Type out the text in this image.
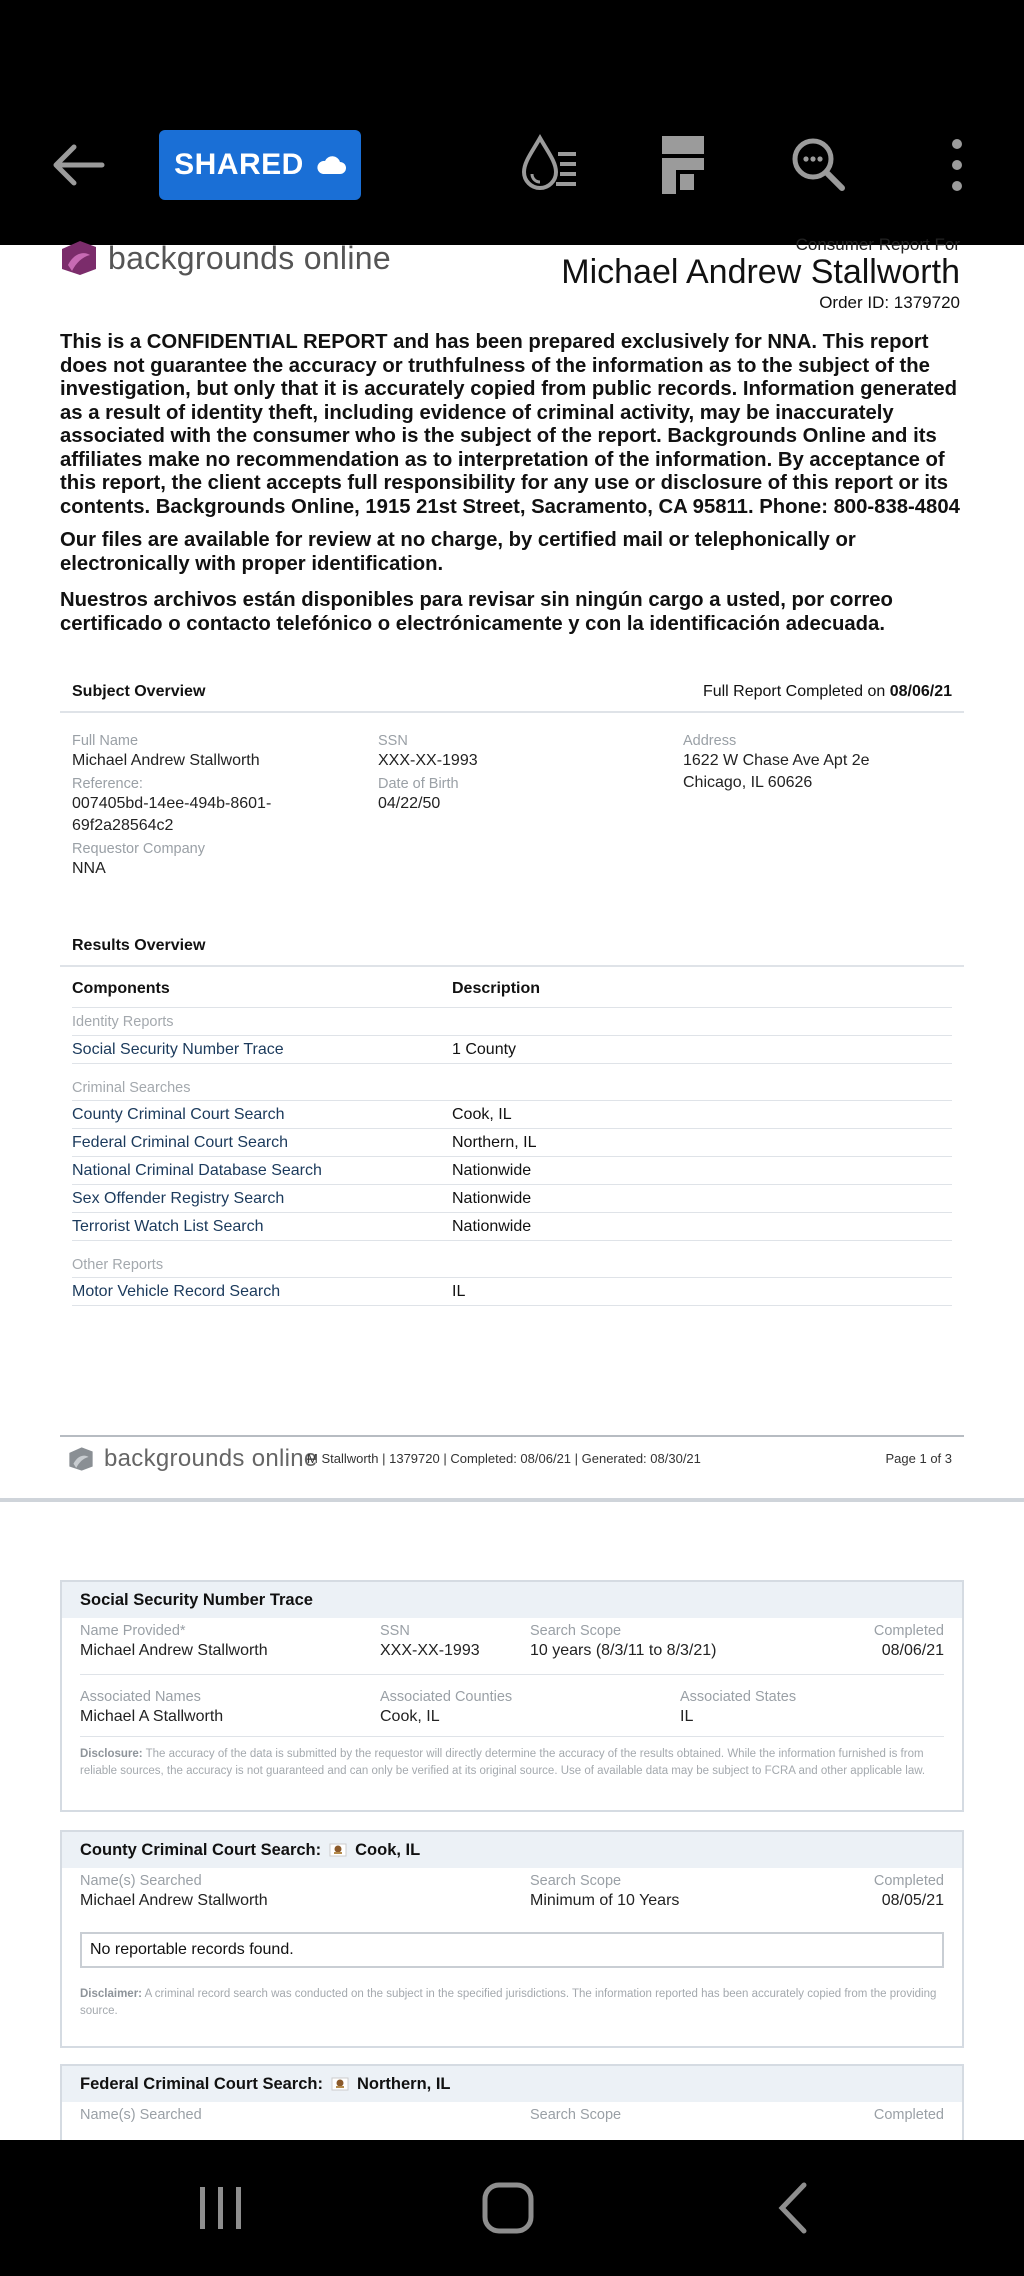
SHARED
backgrounds online	Consumer Report For
Michael Andrew Stallworth
Order ID: 1379720

This is a CONFIDENTIAL REPORT and has been prepared exclusively for NNA. This report does not guarantee the accuracy or truthfulness of the information as to the subject of the investigation, but only that it is accurately copied from public records. Information generated as a result of identity theft, including evidence of criminal activity, may be inaccurately associated with the consumer who is the subject of the report. Backgrounds Online and its affiliates make no recommendation as to interpretation of the information. By acceptance of this report, the client accepts full responsibility for any use or disclosure of this report or its contents. Backgrounds Online, 1915 21st Street, Sacramento, CA 95811. Phone: 800-838-4804

Our files are available for review at no charge, by certified mail or telephonically or electronically with proper identification.

Nuestros archivos están disponibles para revisar sin ningún cargo a usted, por correo certificado o contacto telefónico o electrónicamente y con la identificación adecuada.

Subject Overview	Full Report Completed on 08/06/21
Full Name
Michael Andrew Stallworth
Reference:
007405bd-14ee-494b-8601-
69f2a28564c2
Requestor Company
NNA
SSN
XXX-XX-1993
Date of Birth
04/22/50
Address
1622 W Chase Ave Apt 2e
Chicago, IL 60626
Results Overview
Components	Description
Identity Reports
Social Security Number Trace	1 County
Criminal Searches
County Criminal Court Search	Cook, IL
Federal Criminal Court Search	Northern, IL
National Criminal Database Search	Nationwide
Sex Offender Registry Search	Nationwide
Terrorist Watch List Search	Nationwide
Other Reports
Motor Vehicle Record Search	IL
backgrounds online
M Stallworth | 1379720 | Completed: 08/06/21 | Generated: 08/30/21	Page 1 of 3
Social Security Number Trace
Name Provided*
Michael Andrew Stallworth
SSN
XXX-XX-1993
Search Scope
10 years (8/3/11 to 8/3/21)
Completed
08/06/21
Associated Names
Michael A Stallworth
Associated Counties
Cook, IL
Associated States
IL
Disclosure: The accuracy of the data is submitted by the requestor will directly determine the accuracy of the results obtained. While the information furnished is from reliable sources, the accuracy is not guaranteed and can only be verified at its original source. Use of available data may be subject to FCRA and other applicable law.
County Criminal Court Search: Cook, IL
Name(s) Searched
Michael Andrew Stallworth
Search Scope
Minimum of 10 Years
Completed
08/05/21
No reportable records found.
Disclaimer: A criminal record search was conducted on the subject in the specified jurisdictions. The information reported has been accurately copied from the providing source.
Federal Criminal Court Search: Northern, IL
Name(s) Searched	Search Scope	Completed
